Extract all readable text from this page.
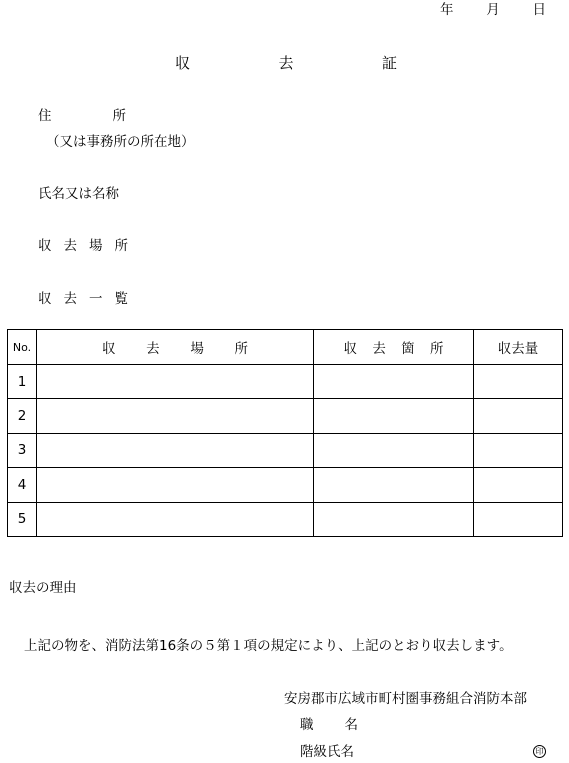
年 月 日
収	去	証
住	所
（又は事務所の所在地）
氏名又は名称
収 去 場 所
収 去 一 覧
No.	収 去 場 所	収 去 箇 所	収去量
1			
2			
3			
4			
5			
収去の理由
上記の物を、消防法第16条の５第１項の規定により、上記のとおり収去します。
安房郡市広域市町村圏事務組合消防本部
職 名
階級氏名	印
